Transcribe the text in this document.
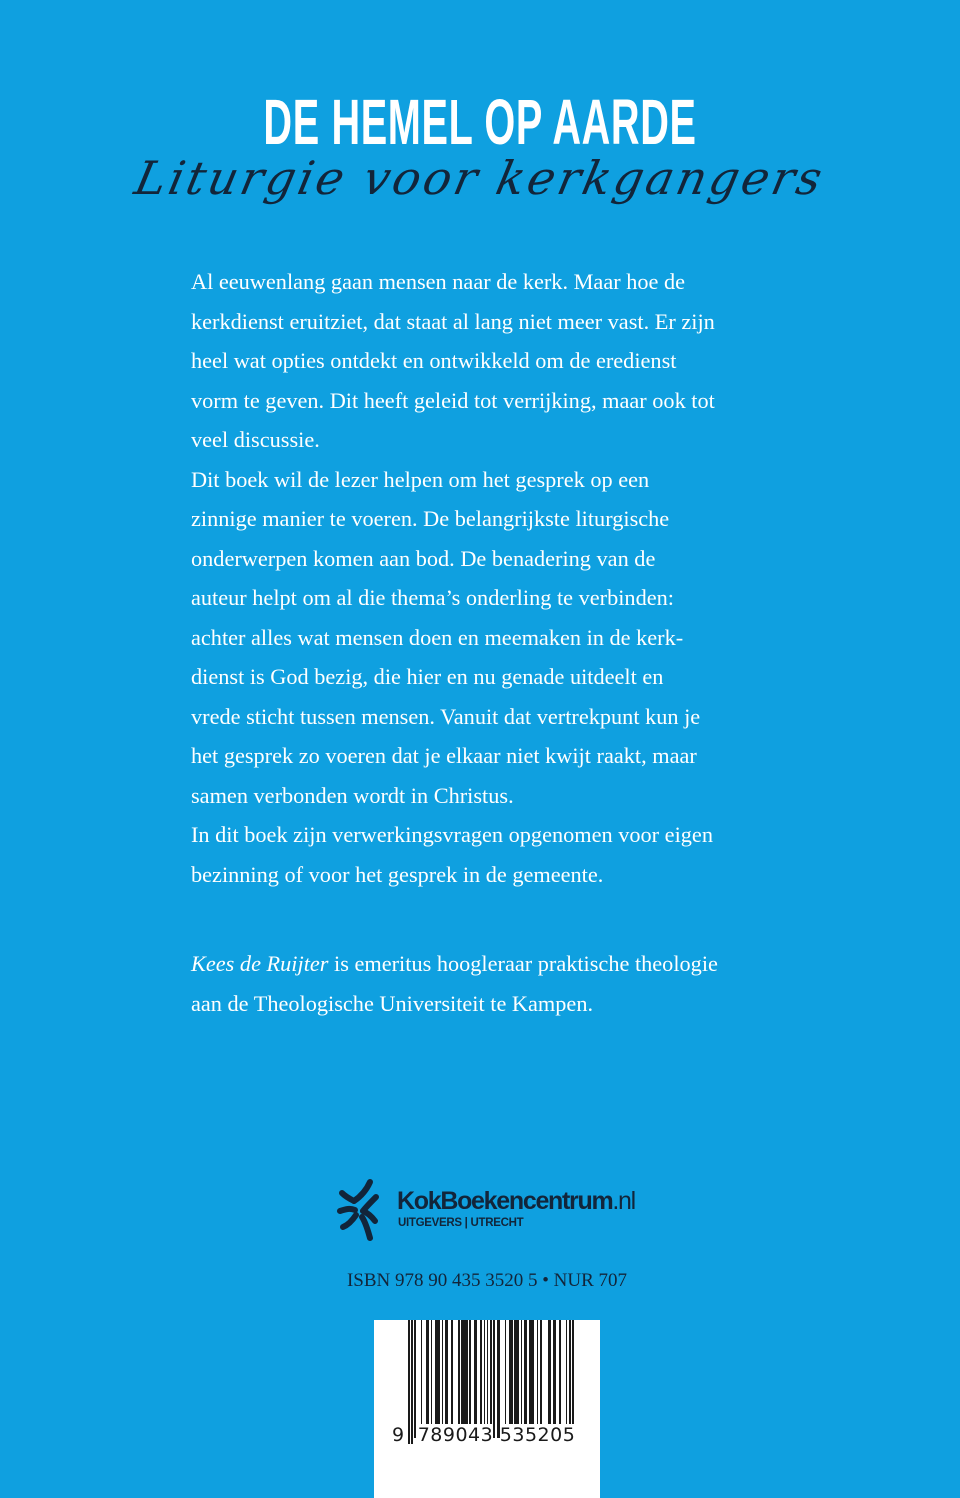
DE HEMEL OP AARDE
Liturgie voor kerkgangers

Al eeuwenlang gaan mensen naar de kerk. Maar hoe de
kerkdienst eruitziet, dat staat al lang niet meer vast. Er zijn
heel wat opties ontdekt en ontwikkeld om de eredienst
vorm te geven. Dit heeft geleid tot verrijking, maar ook tot
veel discussie.

Dit boek wil de lezer helpen om het gesprek op een
zinnige manier te voeren. De belangrijkste liturgische
onderwerpen komen aan bod. De benadering van de
auteur helpt om al die thema’s onderling te verbinden:
achter alles wat mensen doen en meemaken in de kerk-
dienst is God bezig, die hier en nu genade uitdeelt en
vrede sticht tussen mensen. Vanuit dat vertrekpunt kun je
het gesprek zo voeren dat je elkaar niet kwijt raakt, maar
samen verbonden wordt in Christus.

In dit boek zijn verwerkingsvragen opgenomen voor eigen
bezinning of voor het gesprek in de gemeente.

Kees de Ruijter is emeritus hoogleraar praktische theologie
aan de Theologische Universiteit te Kampen.
KokBoekencentrum.nl
UITGEVERS | UTRECHT
ISBN 978 90 435 3520 5 • NUR 707
9 789043 535205
